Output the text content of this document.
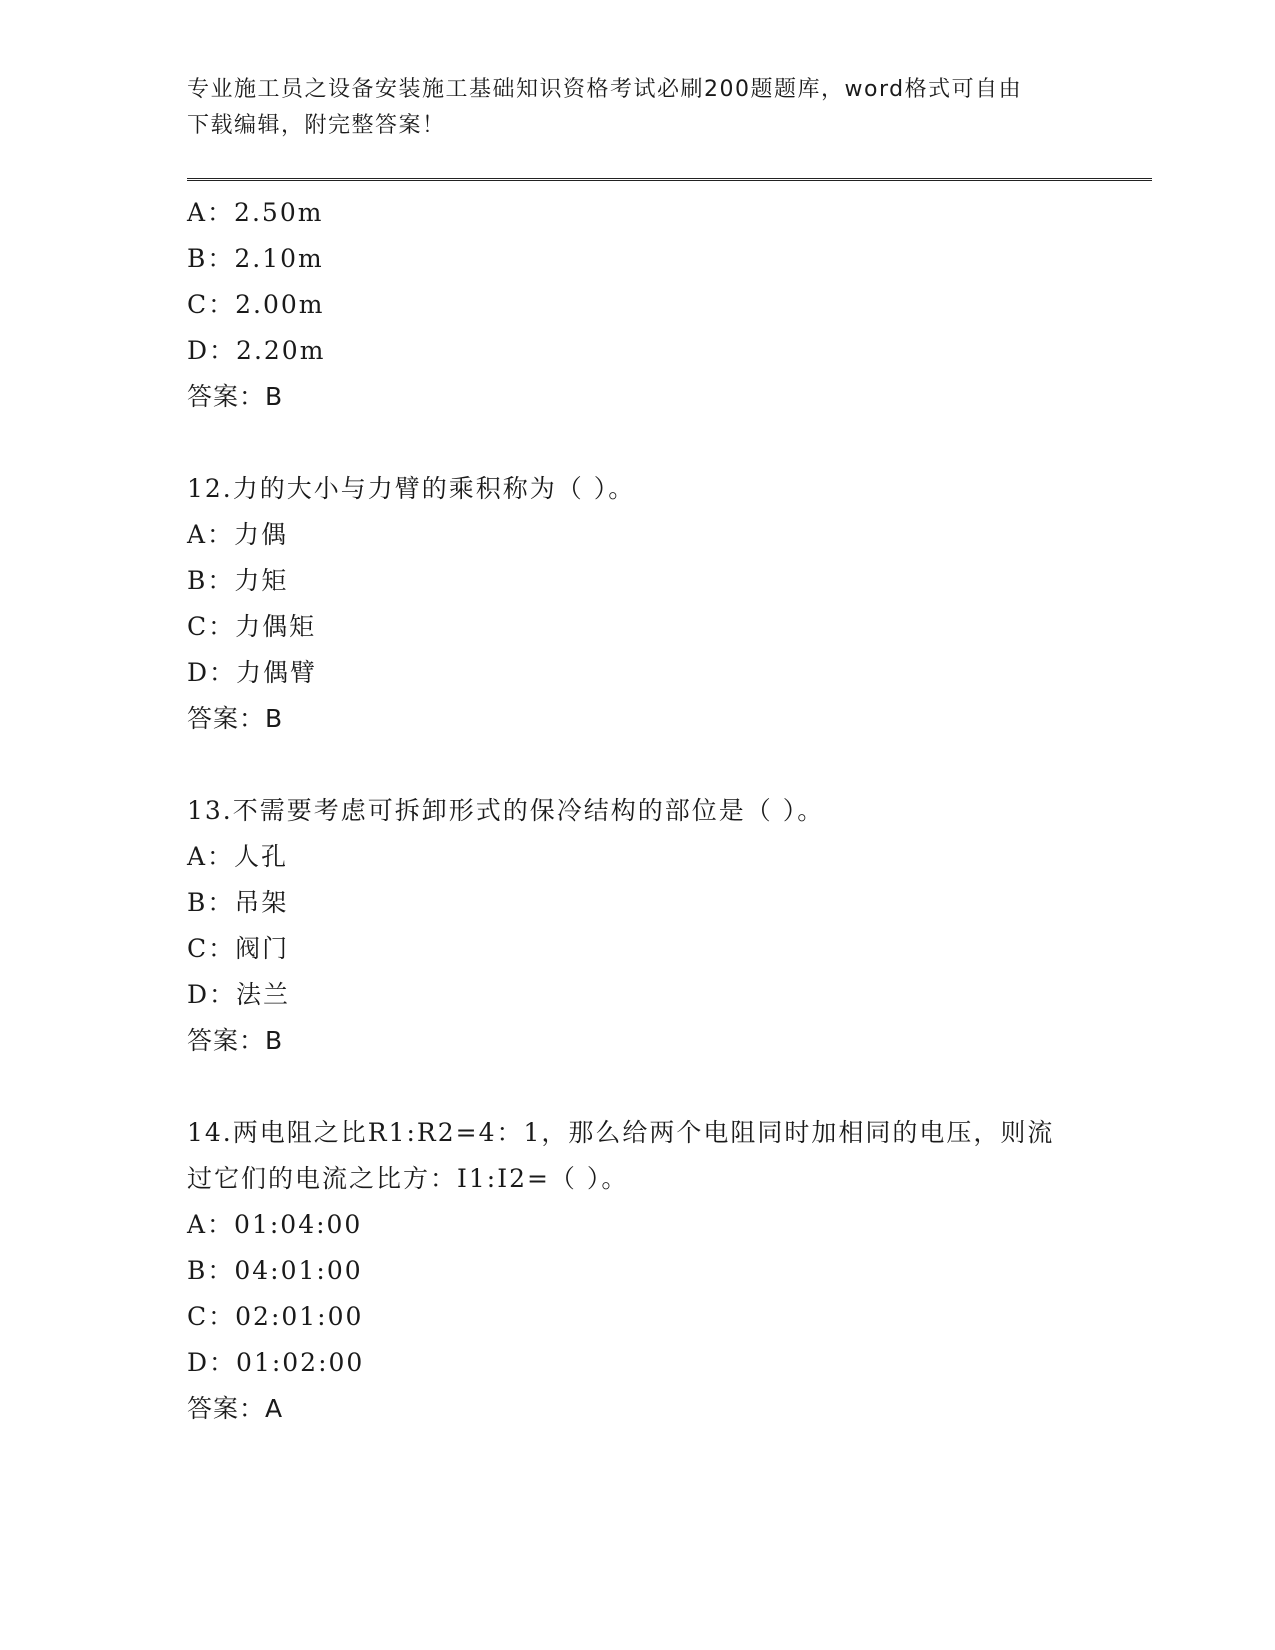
专业施工员之设备安装施工基础知识资格考试必刷200题题库，word格式可自由
下载编辑，附完整答案！
A：2.50m
B：2.10m
C：2.00m
D：2.20m
答案：B
12.力的大小与力臂的乘积称为（ ）。
A：力偶
B：力矩
C：力偶矩
D：力偶臂
答案：B
13.不需要考虑可拆卸形式的保冷结构的部位是（ ）。
A：人孔
B：吊架
C：阀门
D：法兰
答案：B
14.两电阻之比R1:R2=4：1，那么给两个电阻同时加相同的电压，则流
过它们的电流之比方：I1:I2=（ ）。
A：01:04:00
B：04:01:00
C：02:01:00
D：01:02:00
答案：A
